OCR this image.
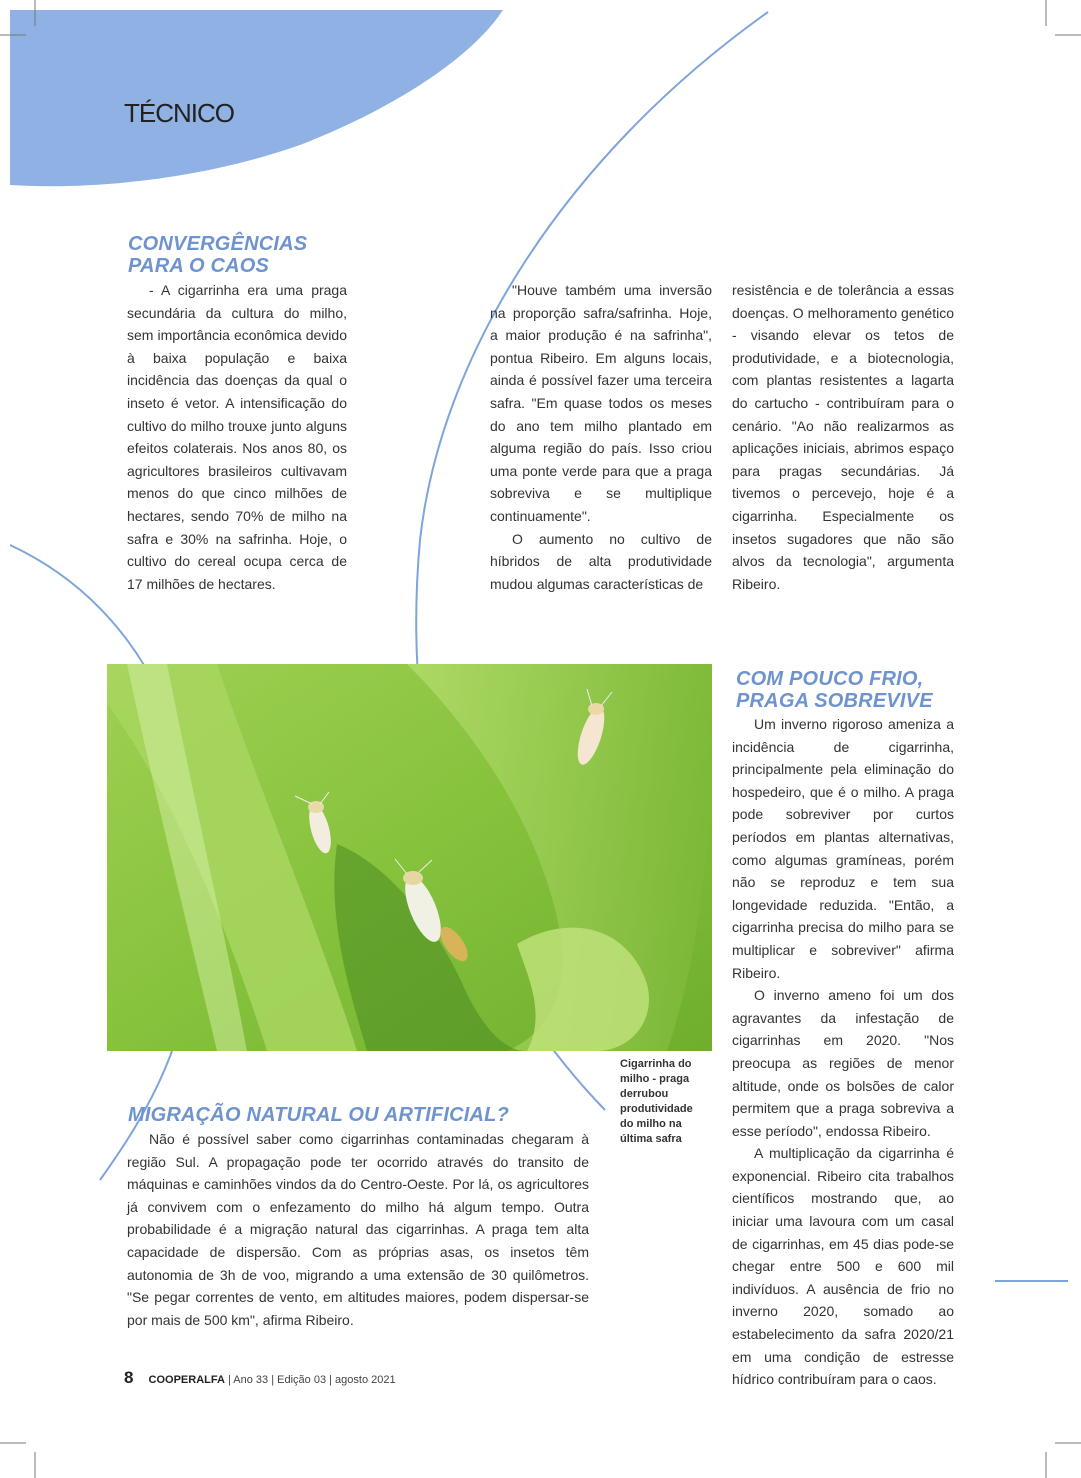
TÉCNICO
CONVERGÊNCIAS
PARA O CAOS

- A cigarrinha era uma praga secundária da cultura do milho, sem importância econômica devido à baixa população e baixa incidência das doenças da qual o inseto é vetor. A intensificação do cultivo do milho trouxe junto alguns efeitos colaterais. Nos anos 80, os agricultores brasileiros cultivavam menos do que cinco milhões de hectares, sendo 70% de milho na safra e 30% na safrinha. Hoje, o cultivo do cereal ocupa cerca de 17 milhões de hectares.

"Houve também uma inversão na proporção safra/safrinha. Hoje, a maior produção é na safrinha", pontua Ribeiro. Em alguns locais, ainda é possível fazer uma terceira safra. "Em quase todos os meses do ano tem milho plantado em alguma região do país. Isso criou uma ponte verde para que a praga sobreviva e se multiplique continuamente".

O aumento no cultivo de híbridos de alta produtividade mudou algumas características de

resistência e de tolerância a essas doenças. O melhoramento genético - visando elevar os tetos de produtividade, e a biotecnologia, com plantas resistentes a lagarta do cartucho - contribuíram para o cenário. "Ao não realizarmos as aplicações iniciais, abrimos espaço para pragas secundárias. Já tivemos o percevejo, hoje é a cigarrinha. Especialmente os insetos sugadores que não são alvos da tecnologia", argumenta Ribeiro.

Cigarrinha do
milho - praga
derrubou
produtividade
do milho na
última safra
COM POUCO FRIO,
PRAGA SOBREVIVE

Um inverno rigoroso ameniza a incidência de cigarrinha, principalmente pela eliminação do hospedeiro, que é o milho. A praga pode sobreviver por curtos períodos em plantas alternativas, como algumas gramíneas, porém não se reproduz e tem sua longevidade reduzida. "Então, a cigarrinha precisa do milho para se multiplicar e sobreviver" afirma Ribeiro.

O inverno ameno foi um dos agravantes da infestação de cigarrinhas em 2020. "Nos preocupa as regiões de menor altitude, onde os bolsões de calor permitem que a praga sobreviva a esse período", endossa Ribeiro.

A multiplicação da cigarrinha é exponencial. Ribeiro cita trabalhos científicos mostrando que, ao iniciar uma lavoura com um casal de cigarrinhas, em 45 dias pode-se chegar entre 500 e 600 mil indivíduos. A ausência de frio no inverno 2020, somado ao estabelecimento da safra 2020/21 em uma condição de estresse hídrico contribuíram para o caos.

MIGRAÇÃO NATURAL OU ARTIFICIAL?

Não é possível saber como cigarrinhas contaminadas chegaram à região Sul. A propagação pode ter ocorrido através do transito de máquinas e caminhões vindos da do Centro-Oeste. Por lá, os agricultores já convivem com o enfezamento do milho há algum tempo. Outra probabilidade é a migração natural das cigarrinhas. A praga tem alta capacidade de dispersão. Com as próprias asas, os insetos têm autonomia de 3h de voo, migrando a uma extensão de 30 quilômetros. "Se pegar correntes de vento, em altitudes maiores, podem dispersar-se por mais de 500 km", afirma Ribeiro.

8 COOPERALFA | Ano 33 | Edição 03 | agosto 2021
